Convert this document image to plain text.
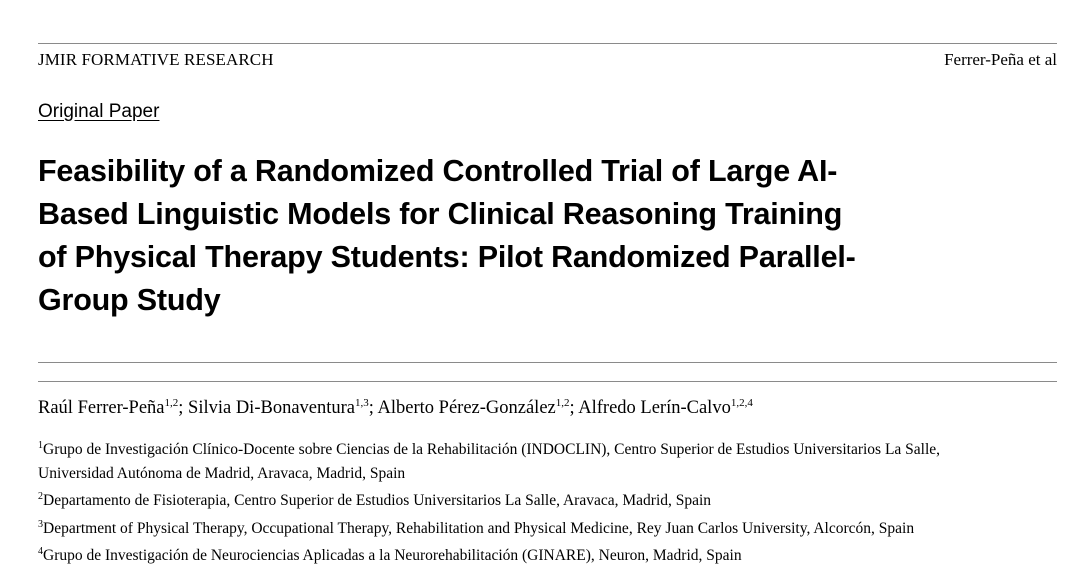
JMIR FORMATIVE RESEARCH	Ferrer-Peña et al
Original Paper
Feasibility of a Randomized Controlled Trial of Large AI-
Based Linguistic Models for Clinical Reasoning Training
of Physical Therapy Students: Pilot Randomized Parallel-
Group Study
Raúl Ferrer-Peña$^{1,2}$; Silvia Di-Bonaventura$^{1,3}$; Alberto Pérez-González$^{1,2}$; Alfredo Lerín-Calvo$^{1,2,4}$
$^1$Grupo de Investigación Clínico-Docente sobre Ciencias de la Rehabilitación (INDOCLIN), Centro Superior de Estudios Universitarios La Salle,
Universidad Autónoma de Madrid, Aravaca, Madrid, Spain
$^2$Departamento de Fisioterapia, Centro Superior de Estudios Universitarios La Salle, Aravaca, Madrid, Spain
$^3$Department of Physical Therapy, Occupational Therapy, Rehabilitation and Physical Medicine, Rey Juan Carlos University, Alcorcón, Spain
$^4$Grupo de Investigación de Neurociencias Aplicadas a la Neurorehabilitación (GINARE), Neuron, Madrid, Spain
